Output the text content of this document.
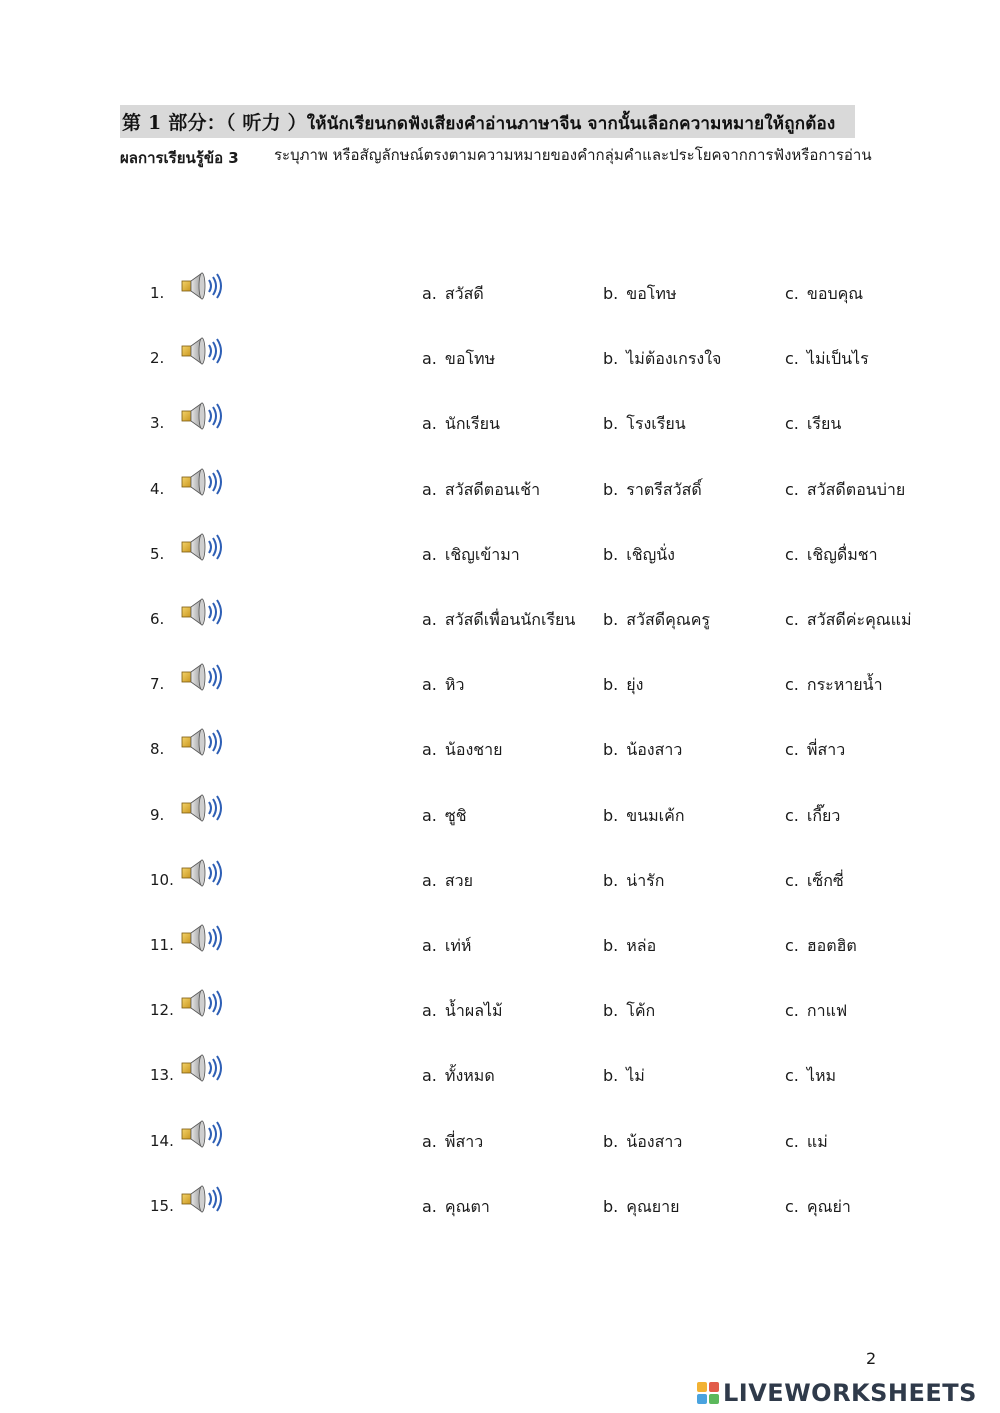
第 1 部分：（ 听力 ）ให้นักเรียนกดฟังเสียงคำอ่านภาษาจีน จากนั้นเลือกความหมายให้ถูกต้อง
ผลการเรียนรู้ข้อ 3 ระบุภาพ หรือสัญลักษณ์ตรงตามความหมายของคำกลุ่มคำและประโยคจากการฟังหรือการอ่าน
1.	a. สวัสดี	b. ขอโทษ	c. ขอบคุณ
2.	a. ขอโทษ	b. ไม่ต้องเกรงใจ	c. ไม่เป็นไร
3.	a. นักเรียน	b. โรงเรียน	c. เรียน
4.	a. สวัสดีตอนเช้า	b. ราตรีสวัสดิ์	c. สวัสดีตอนบ่าย
5.	a. เชิญเข้ามา	b. เชิญนั่ง	c. เชิญดื่มชา
6.	a. สวัสดีเพื่อนนักเรียน b. สวัสดีคุณครู	c. สวัสดีค่ะคุณแม่
7.	a. หิว	b. ยุ่ง	c. กระหายน้ำ
8.	a. น้องชาย	b. น้องสาว	c. พี่สาว
9.	a. ซูชิ	b. ขนมเค้ก	c. เกี๊ยว
10.	a. สวย	b. น่ารัก	c. เซ็กซี่
11.	a. เท่ห์	b. หล่อ	c. ฮอตฮิต
12.	a. น้ำผลไม้	b. โค้ก	c. กาแฟ
13.	a. ทั้งหมด	b. ไม่	c. ไหม
14.	a. พี่สาว	b. น้องสาว	c. แม่
15.	a. คุณตา	b. คุณยาย	c. คุณย่า
2
LIVEWORKSHEETS
